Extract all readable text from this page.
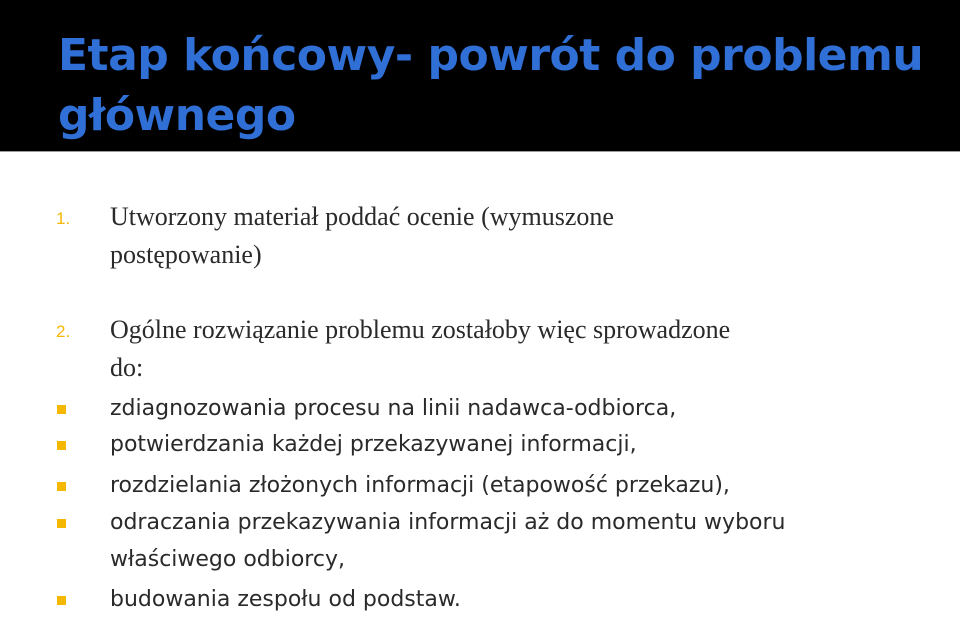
Etap końcowy- powrót do problemu głównego
1. Utworzony materiał poddać ocenie (wymuszone
postępowanie)
2. Ogólne rozwiązanie problemu zostałoby więc sprowadzone
do:
zdiagnozowania procesu na linii nadawca-odbiorca,
potwierdzania każdej przekazywanej informacji,
rozdzielania złożonych informacji (etapowość przekazu),
odraczania przekazywania informacji aż do momentu wyboru
właściwego odbiorcy,
budowania zespołu od podstaw.
